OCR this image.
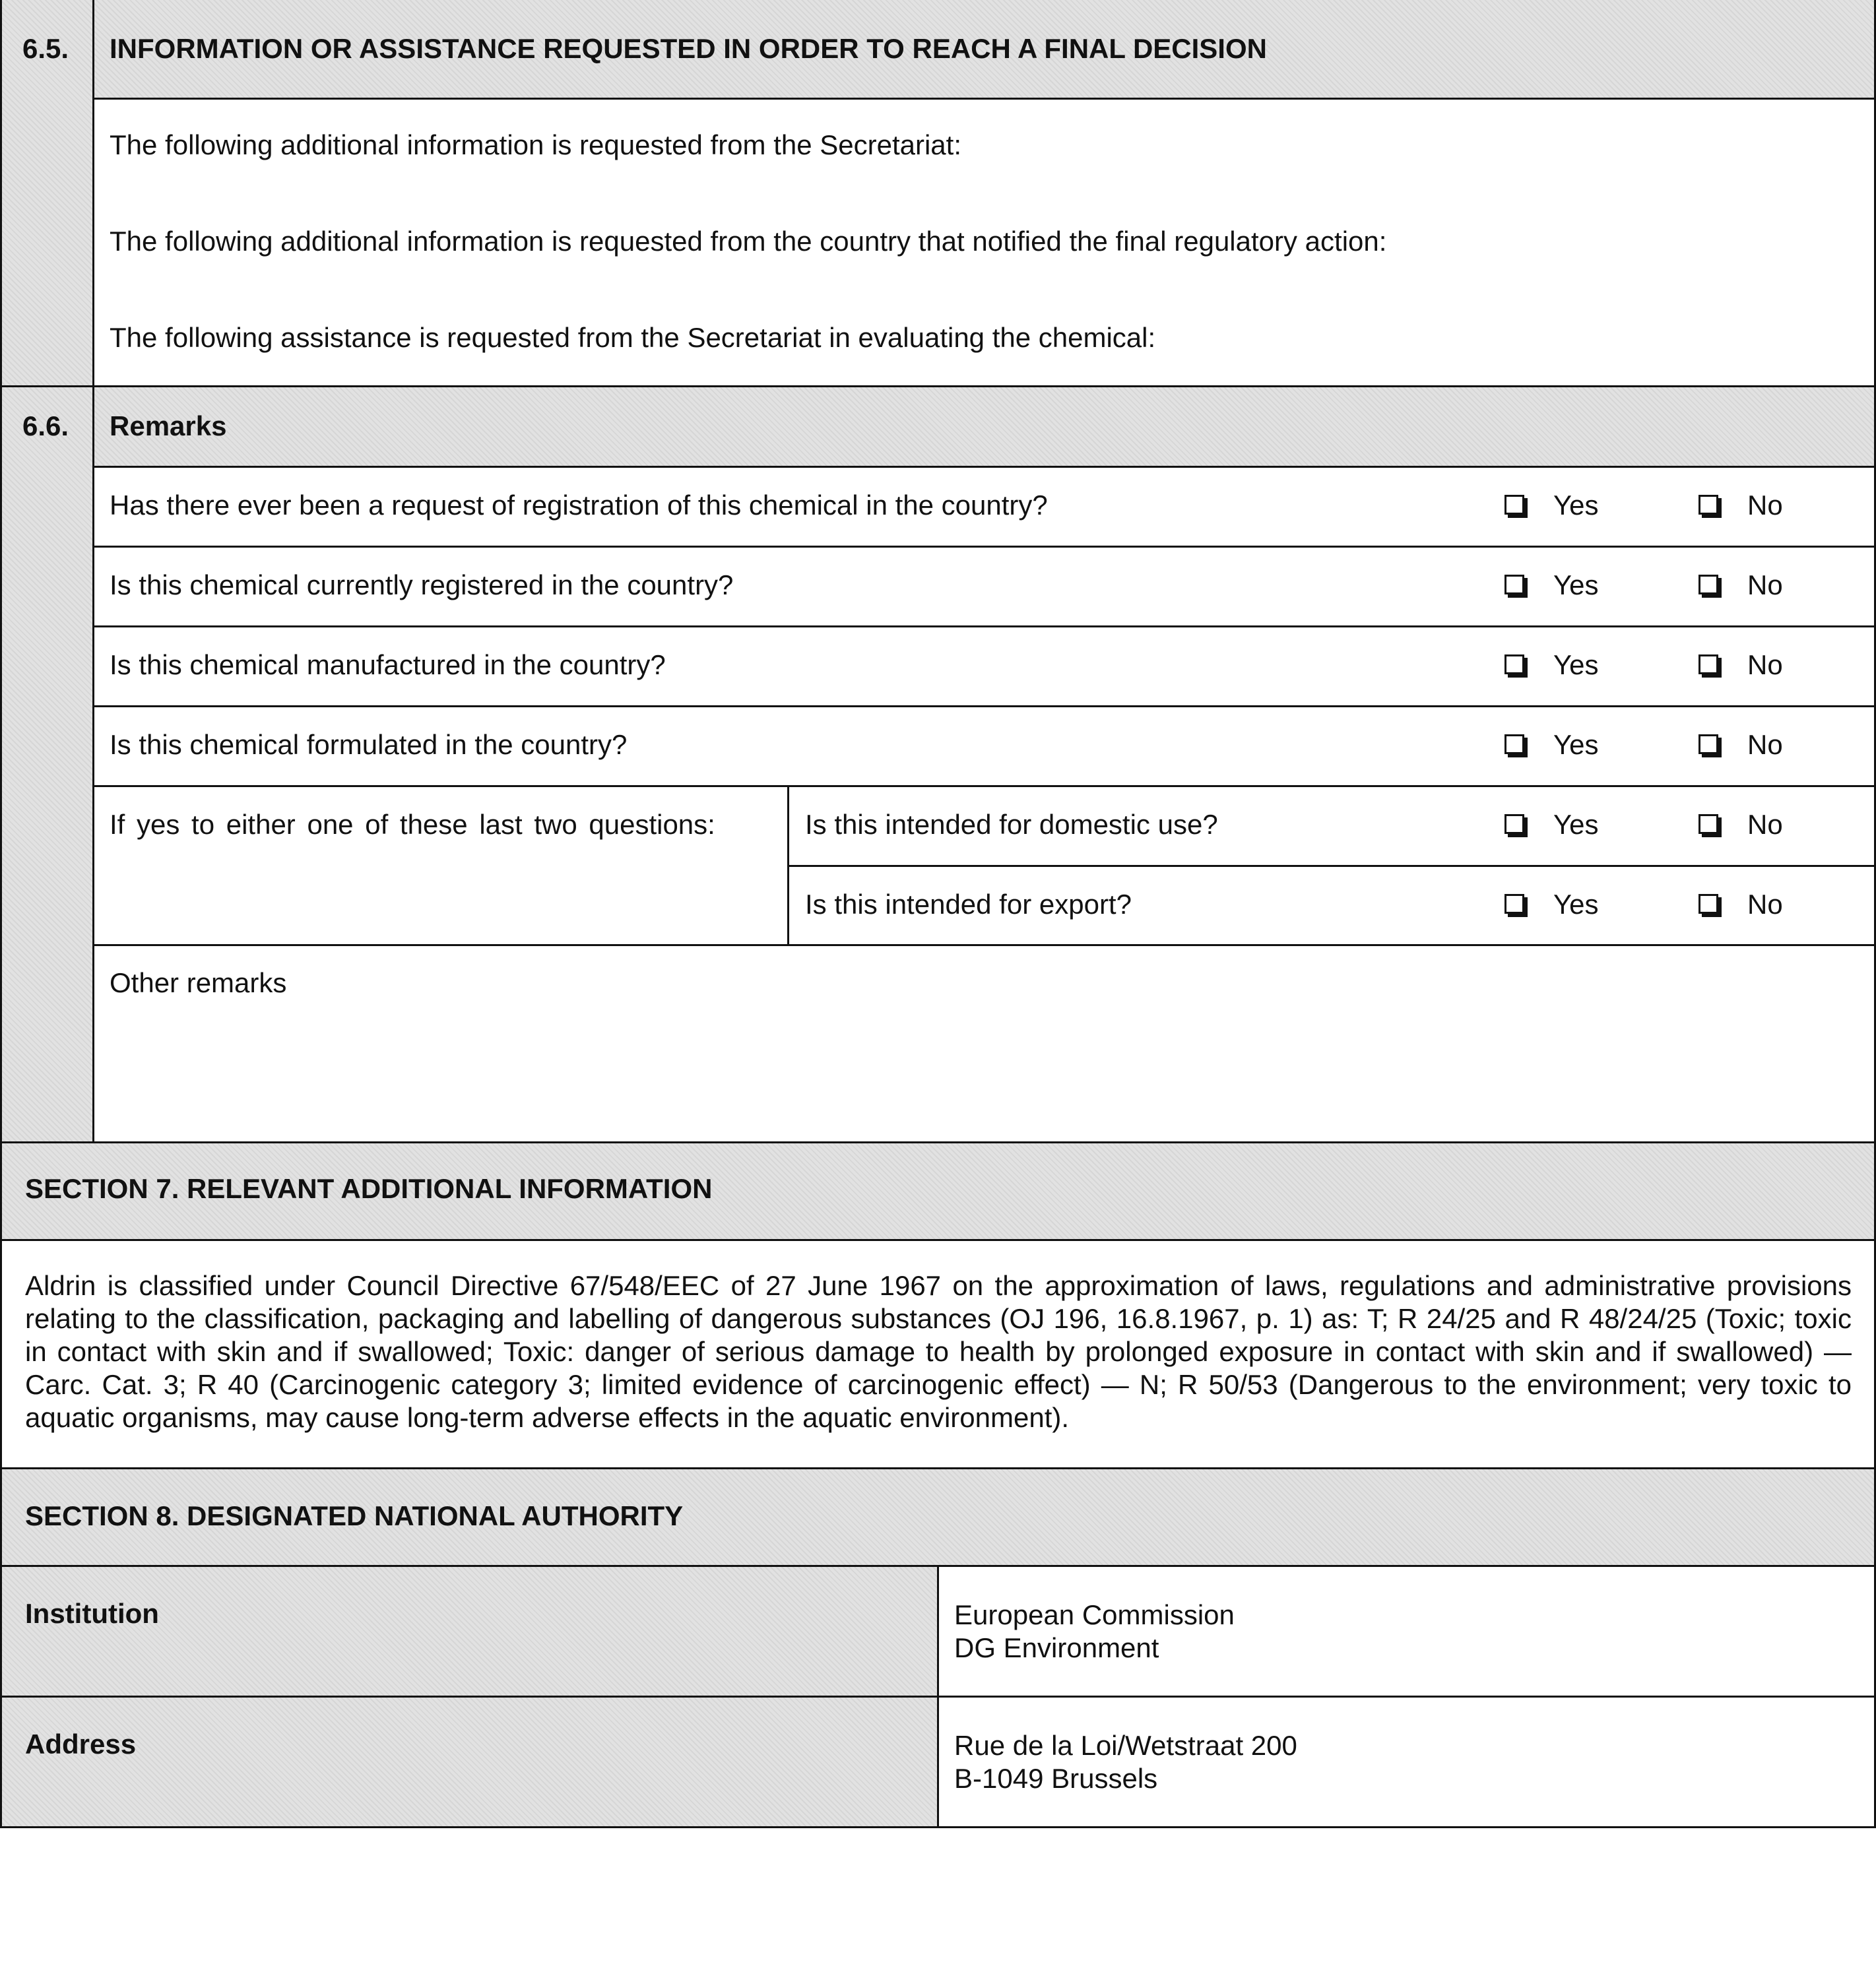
6.5. INFORMATION OR ASSISTANCE REQUESTED IN ORDER TO REACH A FINAL DECISION
The following additional information is requested from the Secretariat:
The following additional information is requested from the country that notified the final regulatory action:
The following assistance is requested from the Secretariat in evaluating the chemical:
6.6. Remarks
Has there ever been a request of registration of this chemical in the country?	Yes	No
Is this chemical currently registered in the country?	Yes	No
Is this chemical manufactured in the country?	Yes	No
Is this chemical formulated in the country?	Yes	No
If yes to either one of these last two questions:	Is this intended for domestic use?	Yes	No
Is this intended for export?	Yes	No
Other remarks
SECTION 7. RELEVANT ADDITIONAL INFORMATION
Aldrin is classified under Council Directive 67/548/EEC of 27 June 1967 on the approximation of laws, regulations and administrative provisions relating to the classification, packaging and labelling of dangerous substances (OJ 196, 16.8.1967, p. 1) as: T; R 24/25 and R 48/24/25 (Toxic; toxic in contact with skin and if swallowed; Toxic: danger of serious damage to health by prolonged exposure in contact with skin and if swallowed) — Carc. Cat. 3; R 40 (Carcinogenic category 3; limited evidence of carcinogenic effect) — N; R 50/53 (Dangerous to the environment; very toxic to aquatic organisms, may cause long-term adverse effects in the aquatic environment).
SECTION 8. DESIGNATED NATIONAL AUTHORITY
Institution	European Commission
DG Environment
Address	Rue de la Loi/Wetstraat 200
B-1049 Brussels
